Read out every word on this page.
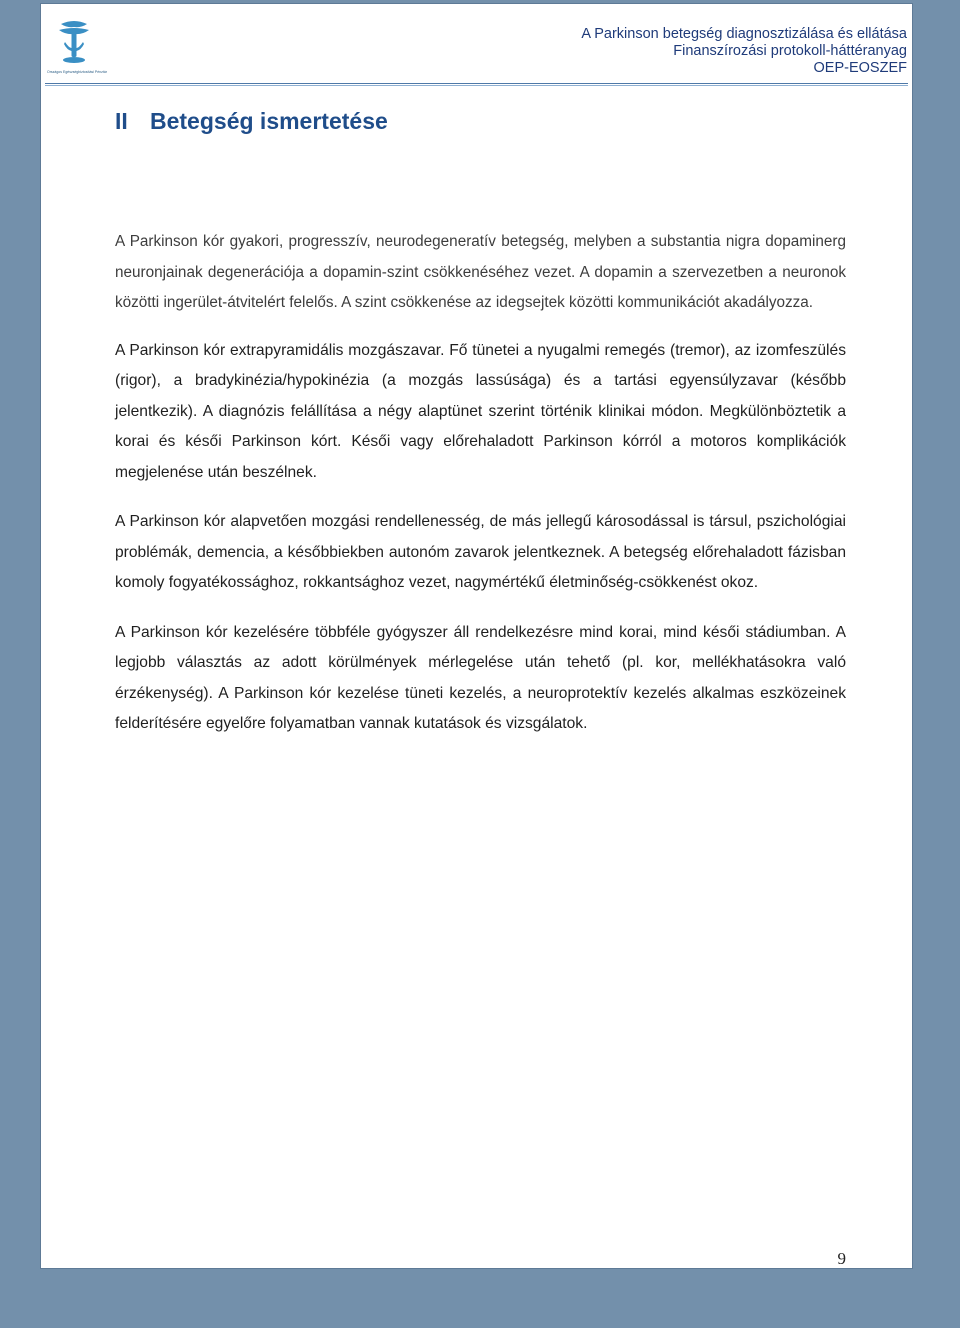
Országos Egészségbiztosítási Pénztár
A Parkinson betegség diagnosztizálása és ellátása
Finanszírozási protokoll-háttéranyag
OEP-EOSZEF
II Betegség ismertetése

A Parkinson kór gyakori, progresszív, neurodegeneratív betegség, melyben a substantia nigra dopaminerg neuronjainak degenerációja a dopamin-szint csökkenéséhez vezet. A dopamin a szervezetben a neuronok közötti ingerület-átvitelért felelős. A szint csökkenése az idegsejtek közötti kommunikációt akadályozza.

A Parkinson kór extrapyramidális mozgászavar. Fő tünetei a nyugalmi remegés (tremor), az izomfeszülés (rigor), a bradykinézia/hypokinézia (a mozgás lassúsága) és a tartási egyensúlyzavar (később jelentkezik). A diagnózis felállítása a négy alaptünet szerint történik klinikai módon. Megkülönböztetik a korai és késői Parkinson kórt. Késői vagy előrehaladott Parkinson kórról a motoros komplikációk megjelenése után beszélnek.

A Parkinson kór alapvetően mozgási rendellenesség, de más jellegű károsodással is társul, pszichológiai problémák, demencia, a későbbiekben autonóm zavarok jelentkeznek. A betegség előrehaladott fázisban komoly fogyatékossághoz, rokkantsághoz vezet, nagymértékű életminőség-csökkenést okoz.

A Parkinson kór kezelésére többféle gyógyszer áll rendelkezésre mind korai, mind késői stádiumban. A legjobb választás az adott körülmények mérlegelése után tehető (pl. kor, mellékhatásokra való érzékenység). A Parkinson kór kezelése tüneti kezelés, a neuroprotektív kezelés alkalmas eszközeinek felderítésére egyelőre folyamatban vannak kutatások és vizsgálatok.

9
